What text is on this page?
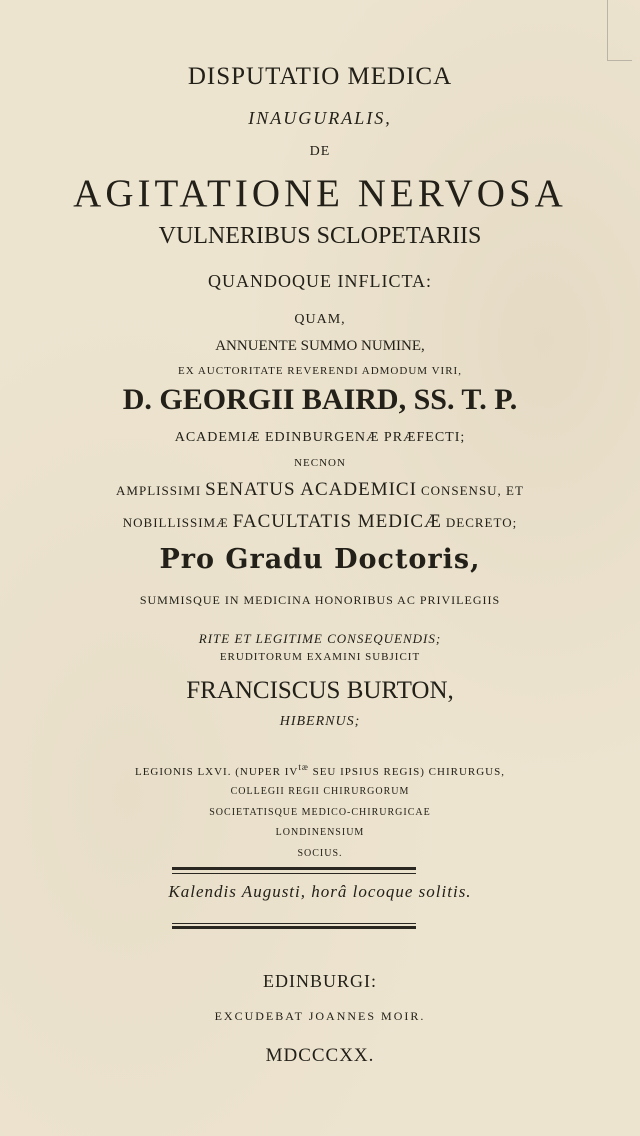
DISPUTATIO MEDICA
INAUGURALIS,
DE
AGITATIONE NERVOSA
VULNERIBUS SCLOPETARIIS
QUANDOQUE INFLICTA:
QUAM,
ANNUENTE SUMMO NUMINE,
EX AUCTORITATE REVERENDI ADMODUM VIRI,
D. GEORGII BAIRD, SS. T. P.
ACADEMIÆ EDINBURGENÆ PRÆFECTI;
NECNON
AMPLISSIMI SENATUS ACADEMICI CONSENSU, ET
NOBILLISSIMÆ FACULTATIS MEDICÆ DECRETO;
Pro Gradu Doctoris,
SUMMISQUE IN MEDICINA HONORIBUS AC PRIVILEGIIS
RITE ET LEGITIME CONSEQUENDIS;
ERUDITORUM EXAMINI SUBJICIT
FRANCISCUS BURTON,
HIBERNUS;
LEGIONIS LXVI. (NUPER $IV^{tæ}$ SEU IPSIUS REGIS) CHIRURGUS,
COLLEGII REGII CHIRURGORUM
SOCIETATISQUE MEDICO-CHIRURGICAE
LONDINENSIUM
SOCIUS.
Kalendis Augusti, horâ locoque solitis.
EDINBURGI:
EXCUDEBAT JOANNES MOIR.
MDCCCXX.
